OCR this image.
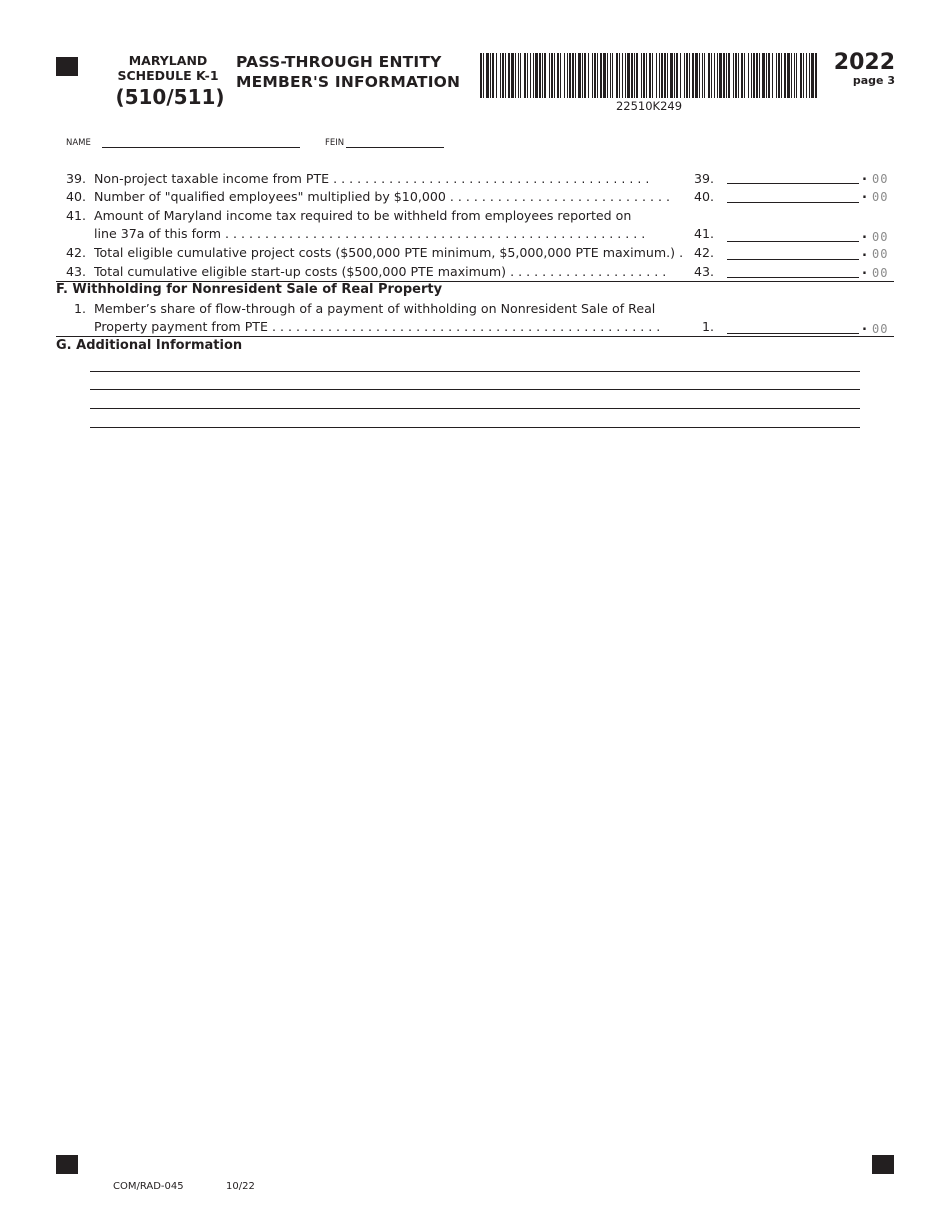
MARYLAND
SCHEDULE K-1
(510/511)
PASS-THROUGH ENTITY
MEMBER'S INFORMATION
22510K249
2022
page 3
NAME	FEIN
39. Non-project taxable income from PTE . . . . . . . . . . . . . . . . . . . . . . . . . . . . . . . . . . . . . . . .	39.	. 00
40. Number of "qualified employees" multiplied by $10,000 . . . . . . . . . . . . . . . . . . . . . . . . . . . .	40.	. 00
41. Amount of Maryland income tax required to be withheld from employees reported on
line 37a of this form . . . . . . . . . . . . . . . . . . . . . . . . . . . . . . . . . . . . . . . . . . . . . . . . . . . . .	41.	. 00
42. Total eligible cumulative project costs ($500,000 PTE minimum, $5,000,000 PTE maximum.) . 42.	. 00
43. Total cumulative eligible start-up costs ($500,000 PTE maximum) . . . . . . . . . . . . . . . . . . . .	43.	. 00
F. Withholding for Nonresident Sale of Real Property
1. Member’s share of flow-through of a payment of withholding on Nonresident Sale of Real
Property payment from PTE . . . . . . . . . . . . . . . . . . . . . . . . . . . . . . . . . . . . . . . . . . . . . . . . .	1.	. 00
G. Additional Information
COM/RAD-045	10/22
